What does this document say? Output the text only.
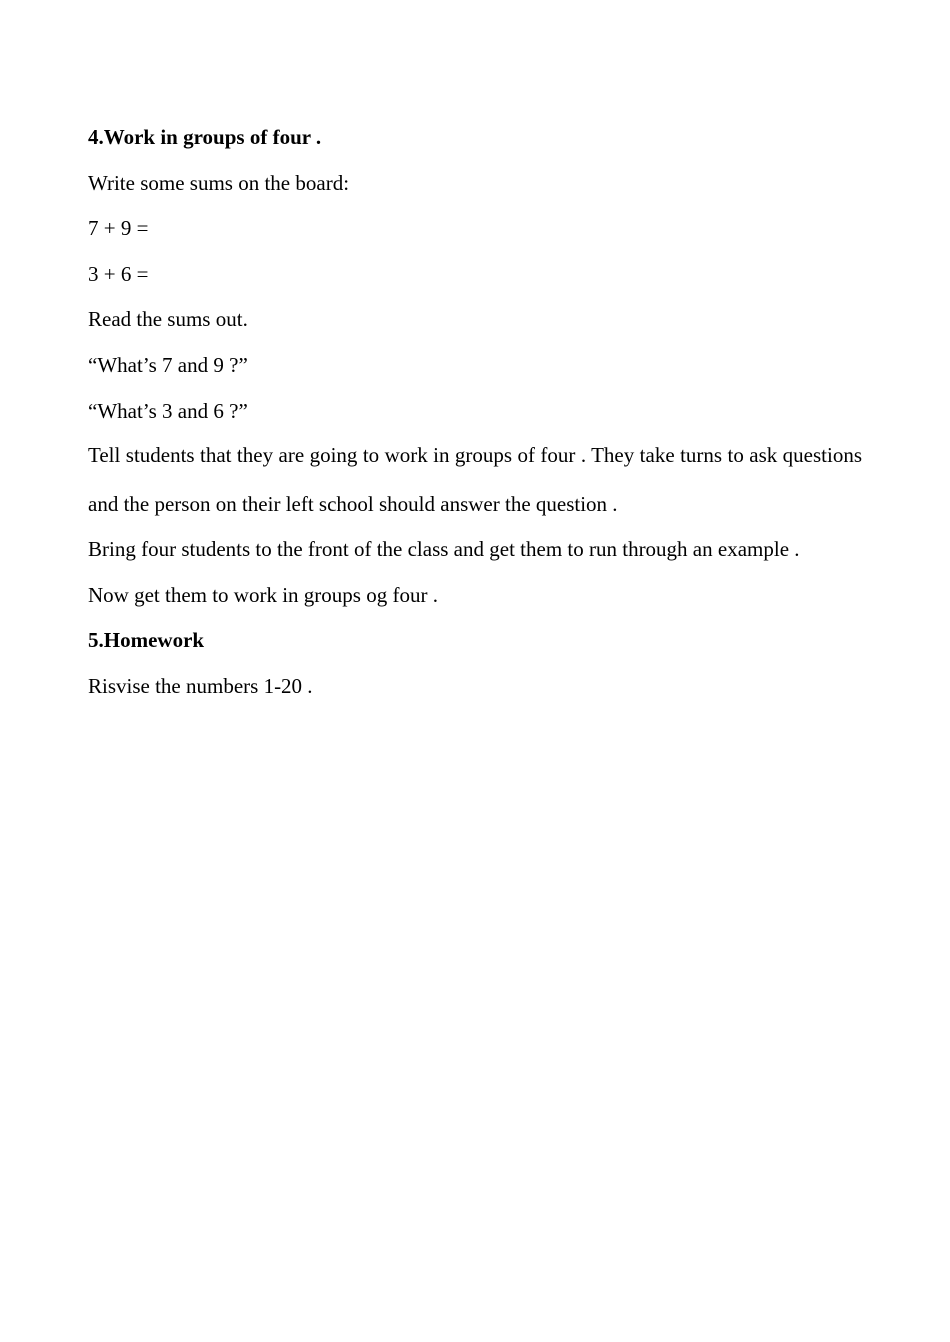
4.Work in groups of four .
Write some sums on the board:
7 + 9 =
3 + 6 =
Read the sums out.
“What’s 7 and 9 ?”
“What’s 3 and 6 ?”
Tell students that they are going to work in groups of four . They take turns to ask questions and the person on their left school should answer the question .
Bring four students to the front of the class and get them to run through an example .
Now get them to work in groups og four .
5.Homework
Risvise the numbers 1-20 .
